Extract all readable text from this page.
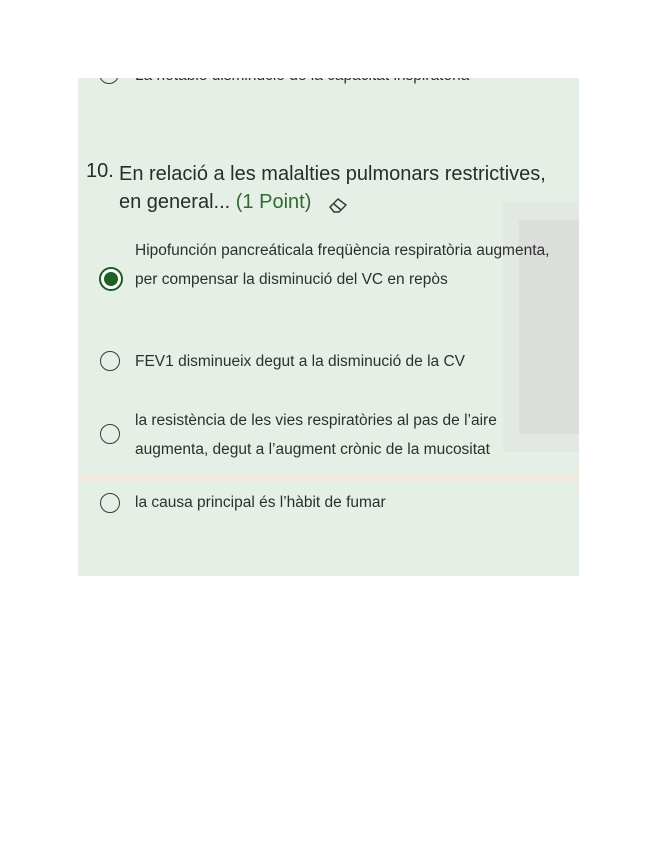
10. En relació a les malalties pulmonars restrictives, en general... (1 Point)
Hipofunción pancreáticala freqüència respiratòria augmenta, per compensar la disminució del VC en repòs
FEV1 disminueix degut a la disminució de la CV
la resistència de les vies respiratòries al pas de l’aire augmenta, degut a l’augment crònic de la mucositat
la causa principal és l’hàbit de fumar
